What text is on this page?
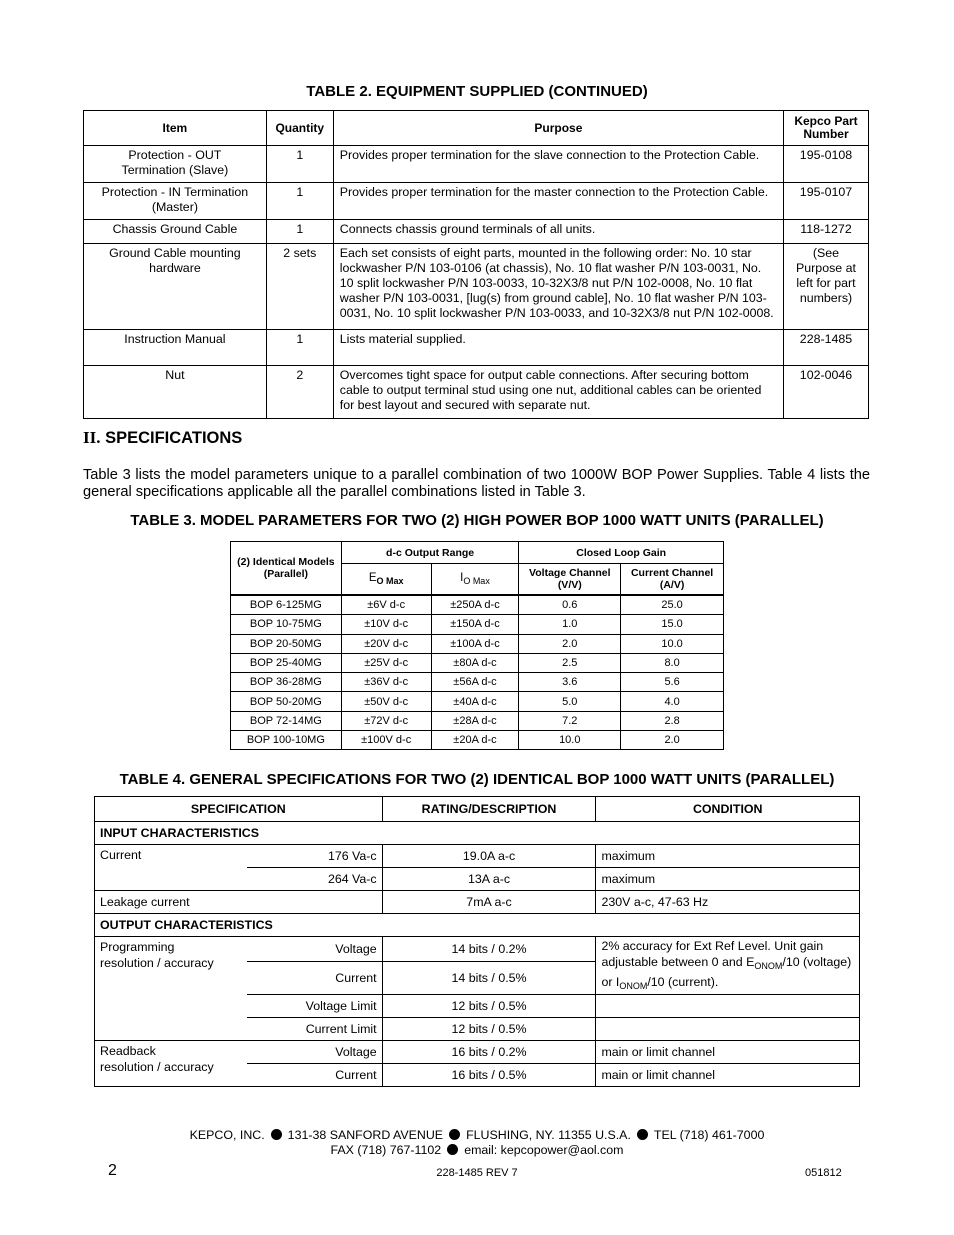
TABLE 2. EQUIPMENT SUPPLIED (CONTINUED)
Item	Quantity	Purpose	Kepco Part
Number
Protection - OUT Termination (Slave)	1	Provides proper termination for the slave connection to the Protection Cable.	195-0108
Protection - IN Termination (Master)	1	Provides proper termination for the master connection to the Protection Cable.	195-0107
Chassis Ground Cable	1	Connects chassis ground terminals of all units.	118-1272
Ground Cable mounting hardware	2 sets	Each set consists of eight parts, mounted in the following order: No. 10 star lockwasher P/N 103-0106 (at chassis), No. 10 flat washer P/N 103-0031, No. 10 split lockwasher P/N 103-0033, 10-32X3/8 nut P/N 102-0008, No. 10 flat washer P/N 103-0031, [lug(s) from ground cable], No. 10 flat washer P/N 103-0031, No. 10 split lockwasher P/N 103-0033, and 10-32X3/8 nut P/N 102-0008.	(See Purpose at left for part numbers)
Instruction Manual	1	Lists material supplied.	228-1485
Nut	2	Overcomes tight space for output cable connections. After securing bottom cable to output terminal stud using one nut, additional cables can be oriented for best layout and secured with separate nut.	102-0046
II. SPECIFICATIONS
Table 3 lists the model parameters unique to a parallel combination of two 1000W BOP Power Supplies. Table 4 lists the general specifications applicable all the parallel combinations listed in Table 3.
TABLE 3. MODEL PARAMETERS FOR TWO (2) HIGH POWER BOP 1000 WATT UNITS (PARALLEL)
(2) Identical Models
(Parallel)	d-c Output Range		Closed Loop Gain	
	$E_{O Max}$	$I_{O Max}$	Voltage Channel
(V/V)	Current Channel
(A/V)
BOP 6-125MG	±6V d-c	±250A d-c	0.6	25.0
BOP 10-75MG	±10V d-c	±150A d-c	1.0	15.0
BOP 20-50MG	±20V d-c	±100A d-c	2.0	10.0
BOP 25-40MG	±25V d-c	±80A d-c	2.5	8.0
BOP 36-28MG	±36V d-c	±56A d-c	3.6	5.6
BOP 50-20MG	±50V d-c	±40A d-c	5.0	4.0
BOP 72-14MG	±72V d-c	±28A d-c	7.2	2.8
BOP 100-10MG	±100V d-c	±20A d-c	10.0	2.0
TABLE 4. GENERAL SPECIFICATIONS FOR TWO (2) IDENTICAL BOP 1000 WATT UNITS (PARALLEL)
SPECIFICATION		RATING/DESCRIPTION	CONDITION
INPUT CHARACTERISTICS			
Current	176 Va-c	19.0A a-c	maximum
	264 Va-c	13A a-c	maximum
Leakage current		7mA a-c	230V a-c, 47-63 Hz
OUTPUT CHARACTERISTICS			
Programming
resolution / accuracy	Voltage	14 bits / 0.2%	2% accuracy for Ext Ref Level. Unit gain adjustable between 0 and $E_{ONOM}/10$ (voltage) or $I_{ONOM}/10$ (current).
	Current	14 bits / 0.5%	
	Voltage Limit	12 bits / 0.5%	
	Current Limit	12 bits / 0.5%	
Readback
resolution / accuracy	Voltage	16 bits / 0.2%	main or limit channel
	Current	16 bits / 0.5%	main or limit channel
KEPCO, INC. 131-38 SANFORD AVENUE FLUSHING, NY. 11355 U.S.A. TEL (718) 461-7000
FAX (718) 767-1102 email: kepcopower@aol.com
2	228-1485 REV 7	051812
